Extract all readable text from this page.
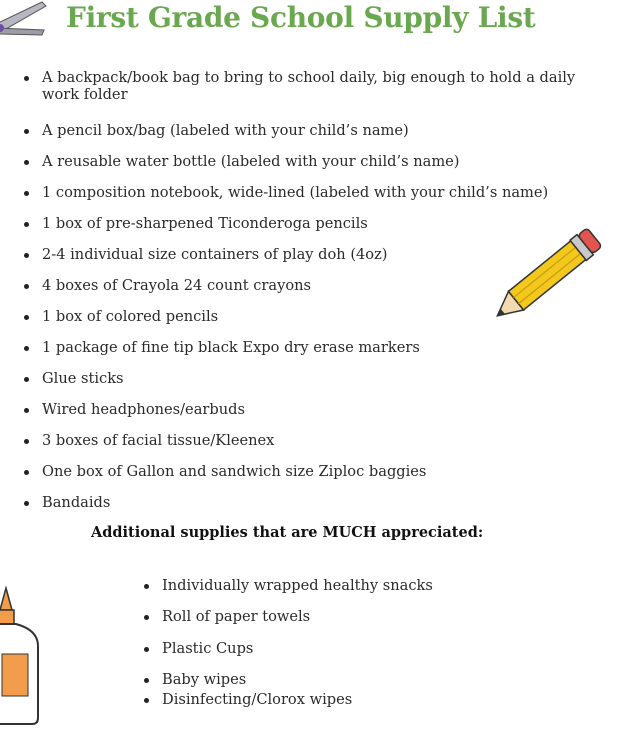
First Grade School Supply List
A backpack/book bag to bring to school daily, big enough to hold a daily work folder
A pencil box/bag (labeled with your child’s name)
A reusable water bottle (labeled with your child’s name)
1 composition notebook, wide-lined (labeled with your child’s name)
1 box of pre-sharpened Ticonderoga pencils
2-4 individual size containers of play doh (4oz)
4 boxes of Crayola 24 count crayons
1 box of colored pencils
1 package of fine tip black Expo dry erase markers
Glue sticks
Wired headphones/earbuds
3 boxes of facial tissue/Kleenex
One box of Gallon and sandwich size Ziploc baggies
Bandaids

Additional supplies that are MUCH appreciated:

Individually wrapped healthy snacks
Roll of paper towels
Plastic Cups
Baby wipes
Disinfecting/Clorox wipes
